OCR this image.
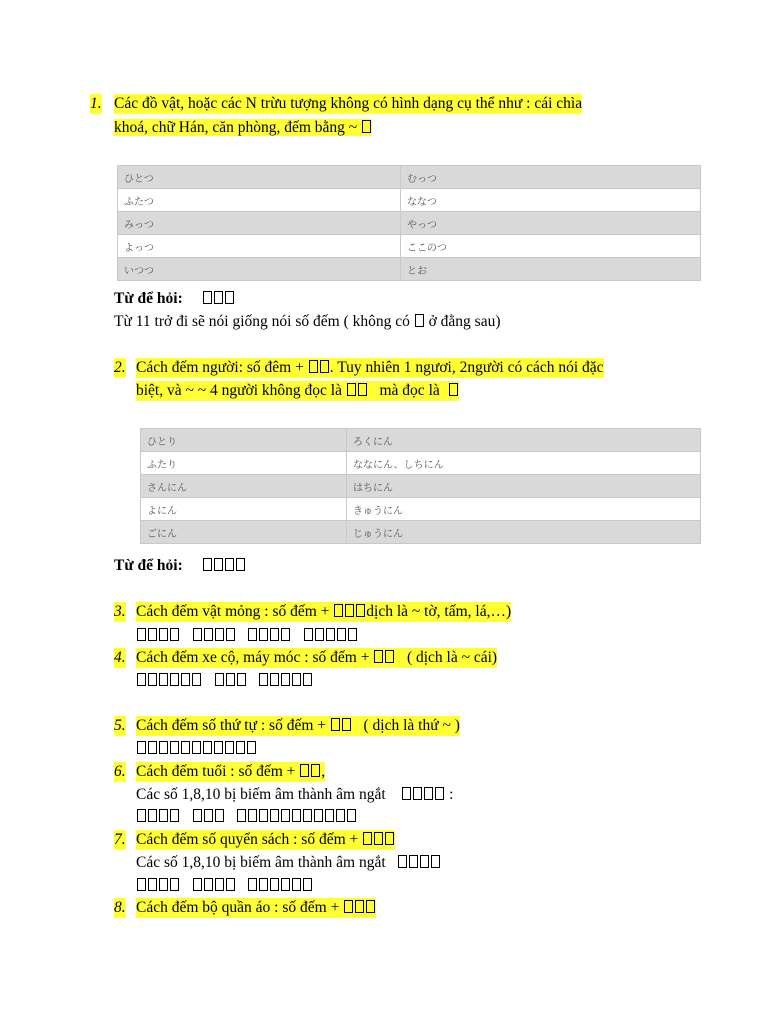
1. Các đồ vật, hoặc các N trừu tượng không có hình dạng cụ thể như : cái chìa
khoá, chữ Hán, căn phòng, đếm bằng ~
ひとつ	むっつ
ふたつ	ななつ
みっつ	やっつ
よっつ	ここのつ
いつつ	とお
Từ để hỏi:
Từ 11 trở đi sẽ nói giống nói số đếm ( không có ở đằng sau)
2. Cách đếm người: số đêm + . Tuy nhiên 1 ngươi, 2người có cách nói đặc
biệt, và ~ ~ 4 người không đọc là mà đọc là
ひとり	ろくにん
ふたり	ななにん、しちにん
さんにん	はちにん
よにん	きゅうにん
ごにん	じゅうにん
Từ để hỏi:
3. Cách đếm vật mỏng : số đếm + dịch là ~ tờ, tấm, lá,…)

4. Cách đếm xe cộ, máy móc : số đếm + ( dịch là ~ cái)

5. Cách đếm số thứ tự : số đếm + ( dịch là thứ ~ )
6. Cách đếm tuổi : số đếm + ,
Các số 1,8,10 bị biếm âm thành âm ngắt	:

7. Cách đếm số quyển sách : số đếm +
Các số 1,8,10 bị biếm âm thành âm ngắt

8. Cách đếm bộ quần áo : số đếm +
